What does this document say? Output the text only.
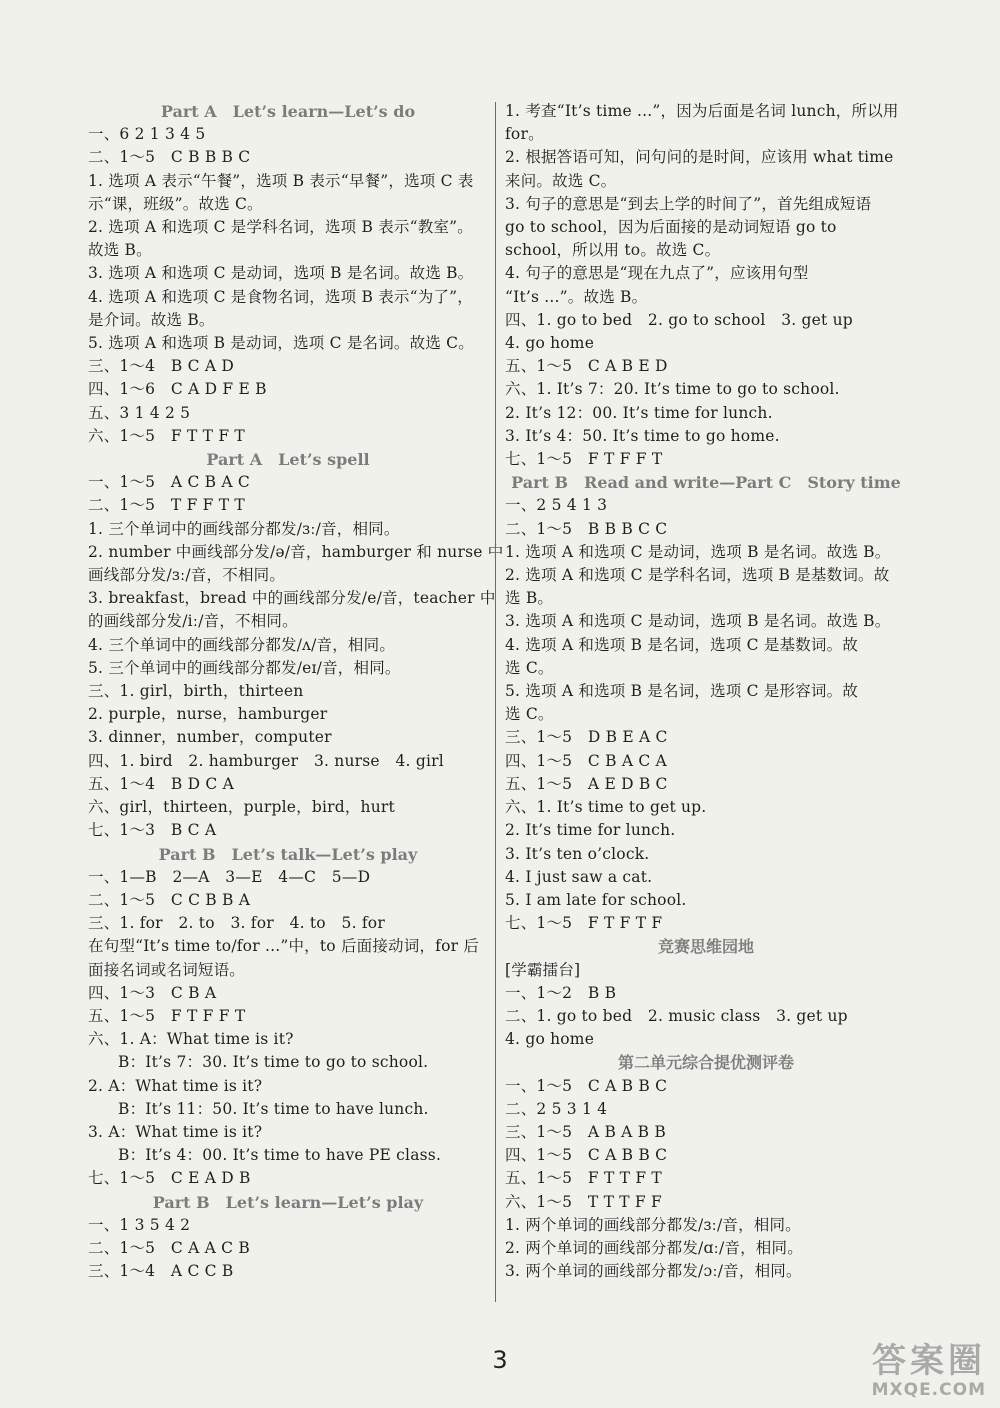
Part A　Let’s learn—Let’s do
一、6 2 1 3 4 5
二、1～5　C B B B C
1. 选项 A 表示“午餐”，选项 B 表示“早餐”，选项 C 表
示“课，班级”。故选 C。
2. 选项 A 和选项 C 是学科名词，选项 B 表示“教室”。
故选 B。
3. 选项 A 和选项 C 是动词，选项 B 是名词。故选 B。
4. 选项 A 和选项 C 是食物名词，选项 B 表示“为了”，
是介词。故选 B。
5. 选项 A 和选项 B 是动词，选项 C 是名词。故选 C。
三、1～4　B C A D
四、1～6　C A D F E B
五、3 1 4 2 5
六、1～5　F T T F T
Part A　Let’s spell
一、1～5　A C B A C
二、1～5　T F F T T
1. 三个单词中的画线部分都发/ɜː/音，相同。
2. number 中画线部分发/ə/音，hamburger 和 nurse 中
画线部分发/ɜː/音，不相同。
3. breakfast，bread 中的画线部分发/e/音，teacher 中
的画线部分发/iː/音，不相同。
4. 三个单词中的画线部分都发/ʌ/音，相同。
5. 三个单词中的画线部分都发/eɪ/音，相同。
三、1. girl，birth，thirteen
2. purple，nurse，hamburger
3. dinner，number，computer
四、1. bird　2. hamburger　3. nurse　4. girl
五、1～4　B D C A
六、girl，thirteen，purple，bird，hurt
七、1～3　B C A
Part B　Let’s talk—Let’s play
一、1—B　2—A　3—E　4—C　5—D
二、1～5　C C B B A
三、1. for　2. to　3. for　4. to　5. for
在句型“It’s time to/for ...”中，to 后面接动词，for 后
面接名词或名词短语。
四、1～3　C B A
五、1～5　F T F F T
六、1. A：What time is it?
B：It’s 7：30. It’s time to go to school.
2. A：What time is it?
B：It’s 11：50. It’s time to have lunch.
3. A：What time is it?
B：It’s 4：00. It’s time to have PE class.
七、1～5　C E A D B
Part B　Let’s learn—Let’s play
一、1 3 5 4 2
二、1～5　C A A C B
三、1～4　A C C B
1. 考查“It’s time ...”，因为后面是名词 lunch，所以用
for。
2. 根据答语可知，问句问的是时间，应该用 what time
来问。故选 C。
3. 句子的意思是“到去上学的时间了”，首先组成短语
go to school，因为后面接的是动词短语 go to
school，所以用 to。故选 C。
4. 句子的意思是“现在九点了”，应该用句型
“It’s ...”。故选 B。
四、1. go to bed　2. go to school　3. get up
4. go home
五、1～5　C A B E D
六、1. It’s 7：20. It’s time to go to school.
2. It’s 12：00. It’s time for lunch.
3. It’s 4：50. It’s time to go home.
七、1～5　F T F F T
Part B　Read and write—Part C　Story time
一、2 5 4 1 3
二、1～5　B B B C C
1. 选项 A 和选项 C 是动词，选项 B 是名词。故选 B。
2. 选项 A 和选项 C 是学科名词，选项 B 是基数词。故
选 B。
3. 选项 A 和选项 C 是动词，选项 B 是名词。故选 B。
4. 选项 A 和选项 B 是名词，选项 C 是基数词。故
选 C。
5. 选项 A 和选项 B 是名词，选项 C 是形容词。故
选 C。
三、1～5　D B E A C
四、1～5　C B A C A
五、1～5　A E D B C
六、1. It’s time to get up.
2. It’s time for lunch.
3. It’s ten o’clock.
4. I just saw a cat.
5. I am late for school.
七、1～5　F T F T F
竞赛思维园地
[学霸擂台]
一、1～2　B B
二、1. go to bed　2. music class　3. get up
4. go home
第二单元综合提优测评卷
一、1～5　C A B B C
二、2 5 3 1 4
三、1～5　A B A B B
四、1～5　C A B B C
五、1～5　F T T F T
六、1～5　T T T F F
1. 两个单词的画线部分都发/ɜː/音，相同。
2. 两个单词的画线部分都发/ɑː/音，相同。
3. 两个单词的画线部分都发/ɔː/音，相同。
3	答案圈
MXQE.COM
